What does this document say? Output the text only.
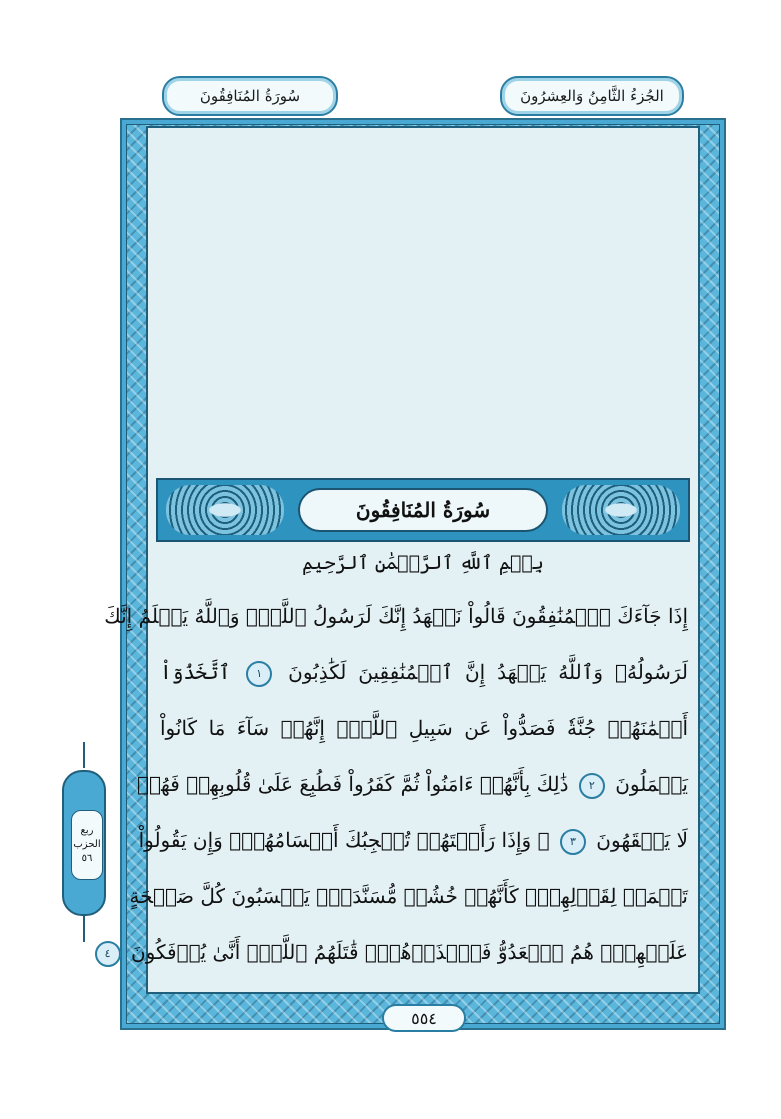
سُورَةُ المُنَافِقُونَ	الجُزءُ الثَّامِنُ وَالعِشرُونَ
سُورَةُ المُنَافِقُونَ
بِسۡمِ ٱللَّهِ ٱلرَّحۡمَٰنِ ٱلرَّحِيمِ
إِذَا جَآءَكَ ٱلۡمُنَٰفِقُونَ قَالُواْ نَشۡهَدُ إِنَّكَ لَرَسُولُ ٱللَّهِۗ وَٱللَّهُ يَعۡلَمُ إِنَّكَ
لَرَسُولُهُۥ وَٱللَّهُ يَشۡهَدُ إِنَّ ٱلۡمُنَٰفِقِينَ لَكَٰذِبُونَ ١ ٱتَّخَذُوٓاْ
أَيۡمَٰنَهُمۡ جُنَّةٗ فَصَدُّواْ عَن سَبِيلِ ٱللَّهِۚ إِنَّهُمۡ سَآءَ مَا كَانُواْ
يَعۡمَلُونَ ٢ ذَٰلِكَ بِأَنَّهُمۡ ءَامَنُواْ ثُمَّ كَفَرُواْ فَطُبِعَ عَلَىٰ قُلُوبِهِمۡ فَهُمۡ
لَا يَفۡقَهُونَ ٣ ۞ وَإِذَا رَأَيۡتَهُمۡ تُعۡجِبُكَ أَجۡسَامُهُمۡۖ وَإِن يَقُولُواْ
تَسۡمَعۡ لِقَوۡلِهِمۡۖ كَأَنَّهُمۡ خُشُبٞ مُّسَنَّدَةٞۖ يَحۡسَبُونَ كُلَّ صَيۡحَةٍ
عَلَيۡهِمۡۚ هُمُ ٱلۡعَدُوُّ فَٱحۡذَرۡهُمۡۚ قَٰتَلَهُمُ ٱللَّهُۖ أَنَّىٰ يُؤۡفَكُونَ ٤
٥٥٤
ربع
الحزب
٥٦
